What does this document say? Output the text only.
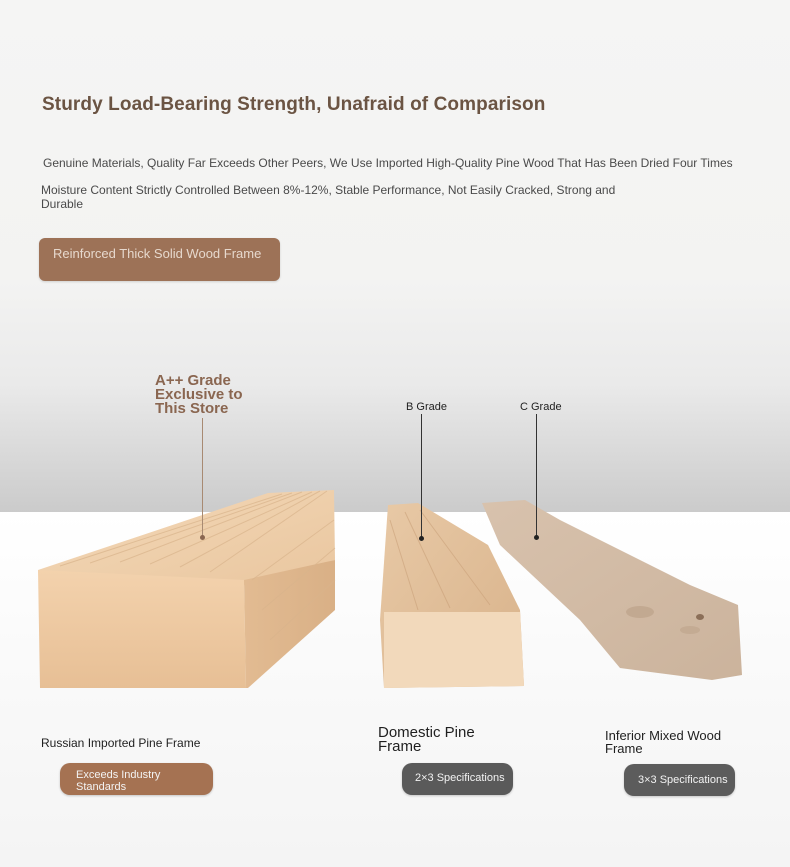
Sturdy Load-Bearing Strength, Unafraid of Comparison

Genuine Materials, Quality Far Exceeds Other Peers, We Use Imported High-Quality Pine Wood That Has Been Dried Four Times

Moisture Content Strictly Controlled Between 8%-12%, Stable Performance, Not Easily Cracked, Strong and Durable

Reinforced Thick Solid Wood Frame

A++ Grade Exclusive to This Store	B Grade	C Grade

Russian Imported Pine Frame

Domestic Pine Frame

Inferior Mixed Wood Frame

Exceeds Industry Standards
2×3 Specifications	3×3 Specifications
